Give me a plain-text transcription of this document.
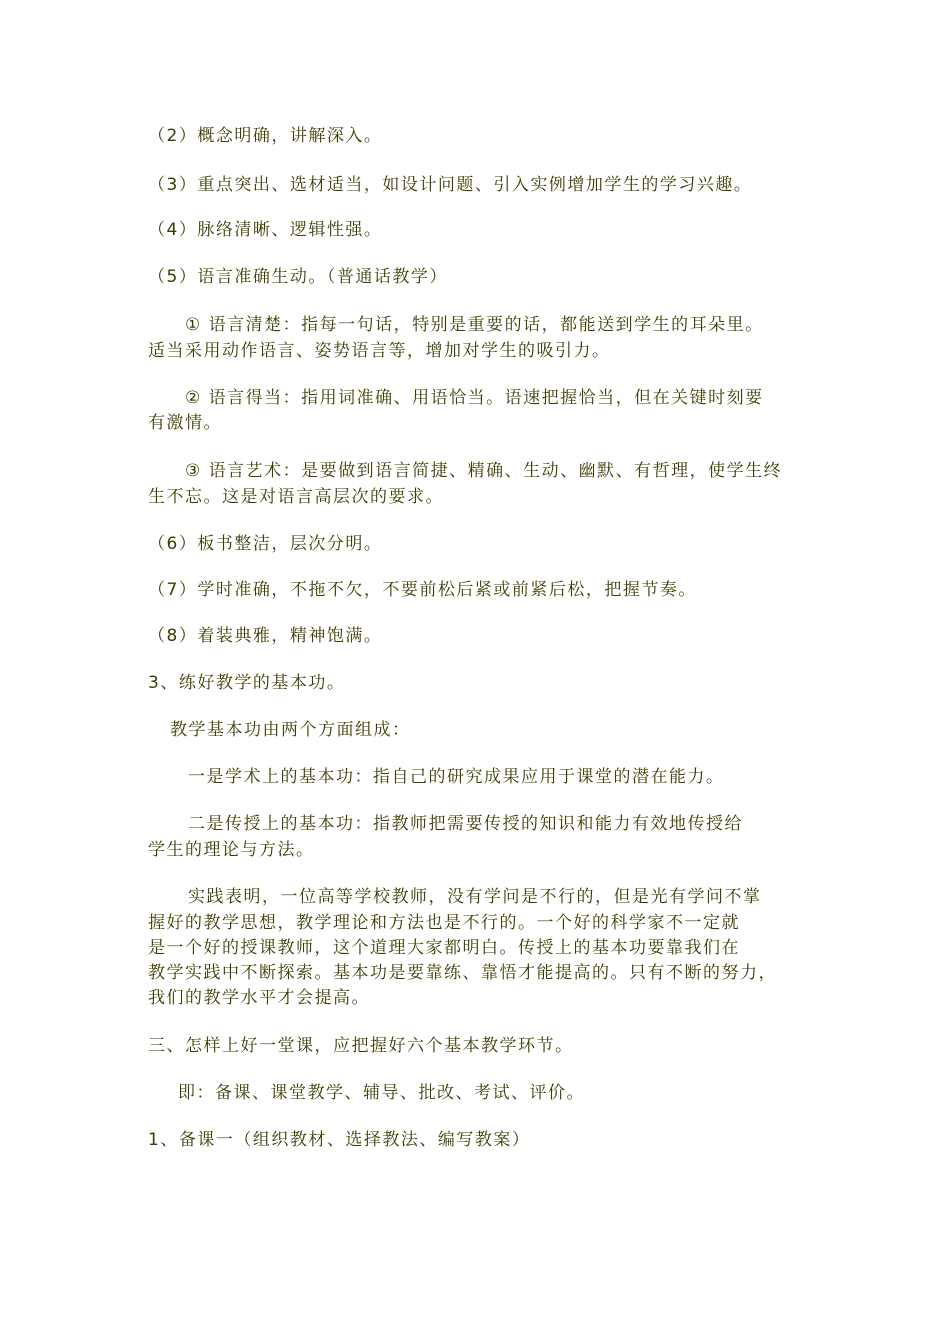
（2）概念明确，讲解深入。
（3）重点突出、选材适当，如设计问题、引入实例增加学生的学习兴趣。
（4）脉络清晰、逻辑性强。
（5）语言准确生动。（普通话教学）
① 语言清楚：指每一句话，特别是重要的话，都能送到学生的耳朵里。
适当采用动作语言、姿势语言等，增加对学生的吸引力。
② 语言得当：指用词准确、用语恰当。语速把握恰当，但在关键时刻要
有激情。
③ 语言艺术：是要做到语言简捷、精确、生动、幽默、有哲理，使学生终
生不忘。这是对语言高层次的要求。
（6）板书整洁，层次分明。
（7）学时准确，不拖不欠，不要前松后紧或前紧后松，把握节奏。
（8）着装典雅，精神饱满。
3、练好教学的基本功。
教学基本功由两个方面组成：
一是学术上的基本功：指自己的研究成果应用于课堂的潜在能力。
二是传授上的基本功：指教师把需要传授的知识和能力有效地传授给
学生的理论与方法。
实践表明，一位高等学校教师，没有学问是不行的，但是光有学问不掌
握好的教学思想，教学理论和方法也是不行的。一个好的科学家不一定就
是一个好的授课教师，这个道理大家都明白。传授上的基本功要靠我们在
教学实践中不断探索。基本功是要靠练、靠悟才能提高的。只有不断的努力，
我们的教学水平才会提高。
三、怎样上好一堂课，应把握好六个基本教学环节。
即：备课、课堂教学、辅导、批改、考试、评价。
1、备课一（组织教材、选择教法、编写教案）
